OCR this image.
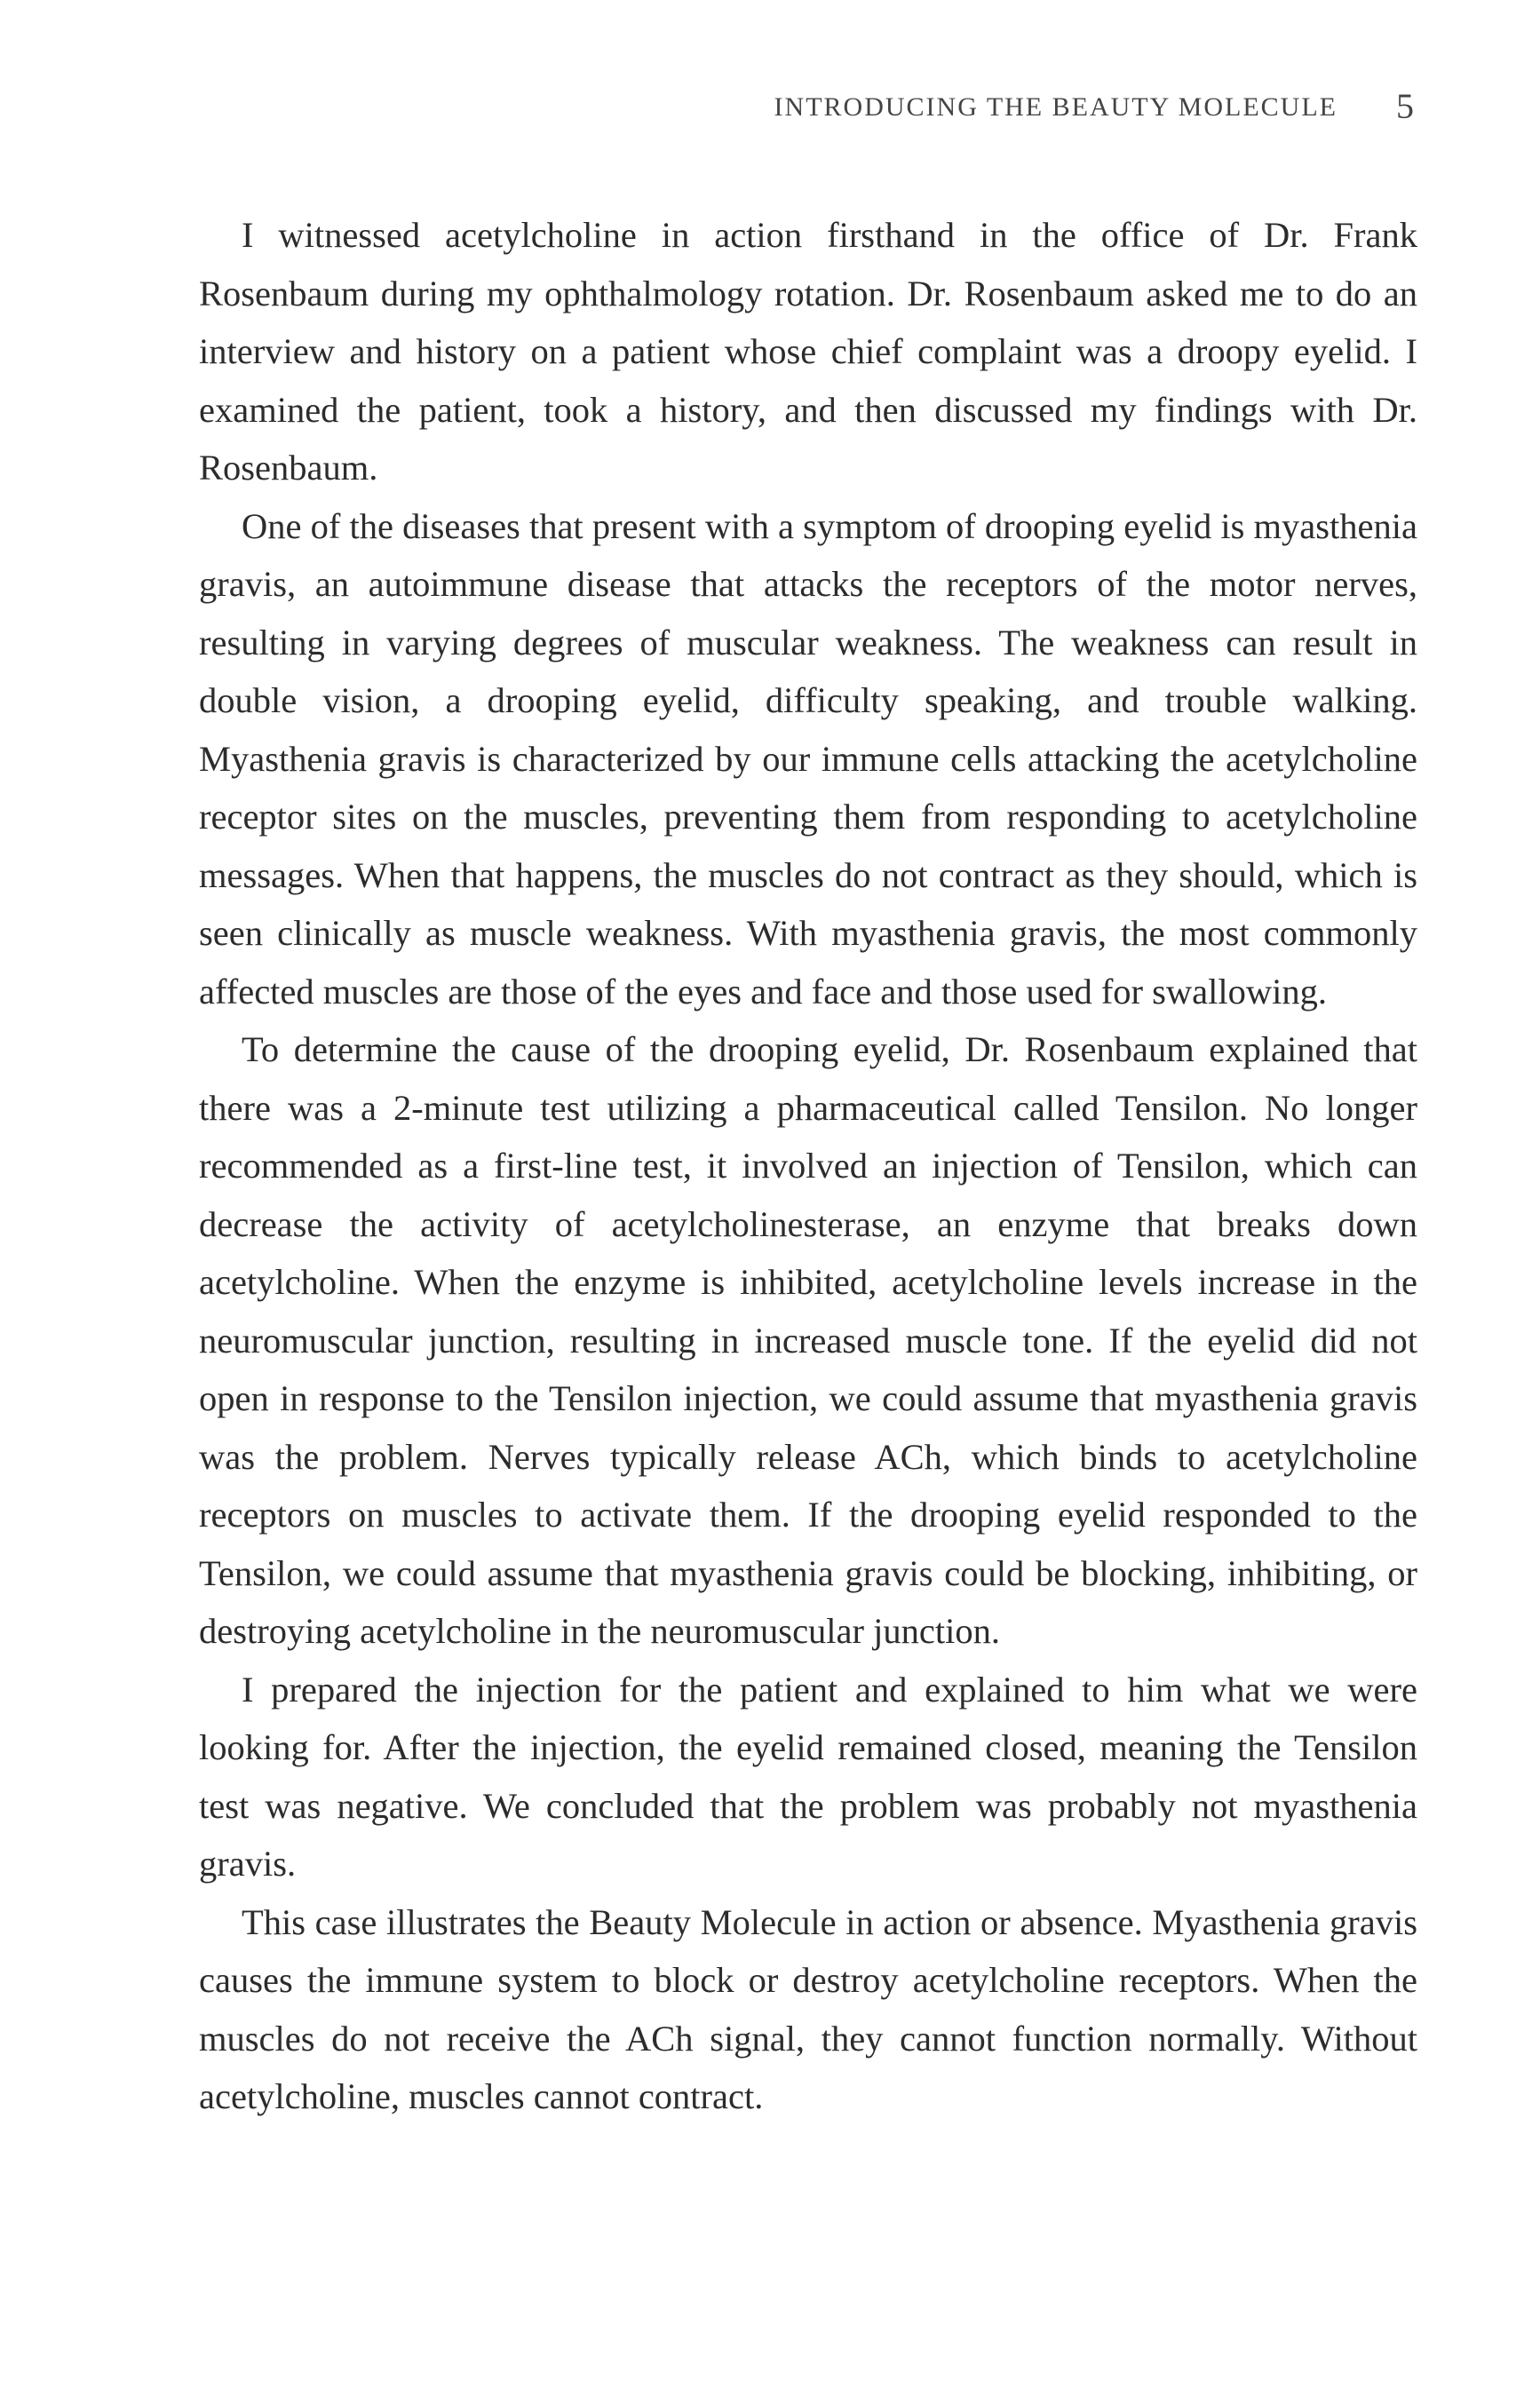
INTRODUCING THE BEAUTY MOLECULE 5

I witnessed acetylcholine in action firsthand in the office of Dr. Frank Rosenbaum during my ophthalmology rotation. Dr. Rosenbaum asked me to do an interview and history on a patient whose chief complaint was a droopy eyelid. I examined the patient, took a history, and then discussed my findings with Dr. Rosenbaum.

One of the diseases that present with a symptom of drooping eyelid is myasthenia gravis, an autoimmune disease that attacks the receptors of the motor nerves, resulting in varying degrees of muscular weakness. The weakness can result in double vision, a drooping eyelid, difficulty speaking, and trouble walking. Myasthenia gravis is characterized by our immune cells attacking the acetylcholine receptor sites on the muscles, preventing them from responding to acetylcholine messages. When that happens, the muscles do not contract as they should, which is seen clinically as muscle weakness. With myasthenia gravis, the most commonly affected muscles are those of the eyes and face and those used for swallowing.

To determine the cause of the drooping eyelid, Dr. Rosenbaum explained that there was a 2-minute test utilizing a pharmaceutical called Tensilon. No longer recommended as a first-line test, it involved an injection of Tensilon, which can decrease the activity of acetylcholinesterase, an enzyme that breaks down acetylcholine. When the enzyme is inhibited, acetylcholine levels increase in the neuromuscular junction, resulting in increased muscle tone. If the eyelid did not open in response to the Tensilon injection, we could assume that myasthenia gravis was the problem. Nerves typically release ACh, which binds to acetylcholine receptors on muscles to activate them. If the drooping eyelid responded to the Tensilon, we could assume that myasthenia gravis could be blocking, inhibiting, or destroying acetylcholine in the neuromuscular junction.

I prepared the injection for the patient and explained to him what we were looking for. After the injection, the eyelid remained closed, meaning the Tensilon test was negative. We concluded that the problem was probably not myasthenia gravis.

This case illustrates the Beauty Molecule in action or absence. Myasthenia gravis causes the immune system to block or destroy acetylcholine receptors. When the muscles do not receive the ACh signal, they cannot function normally. Without acetylcholine, muscles cannot contract.
